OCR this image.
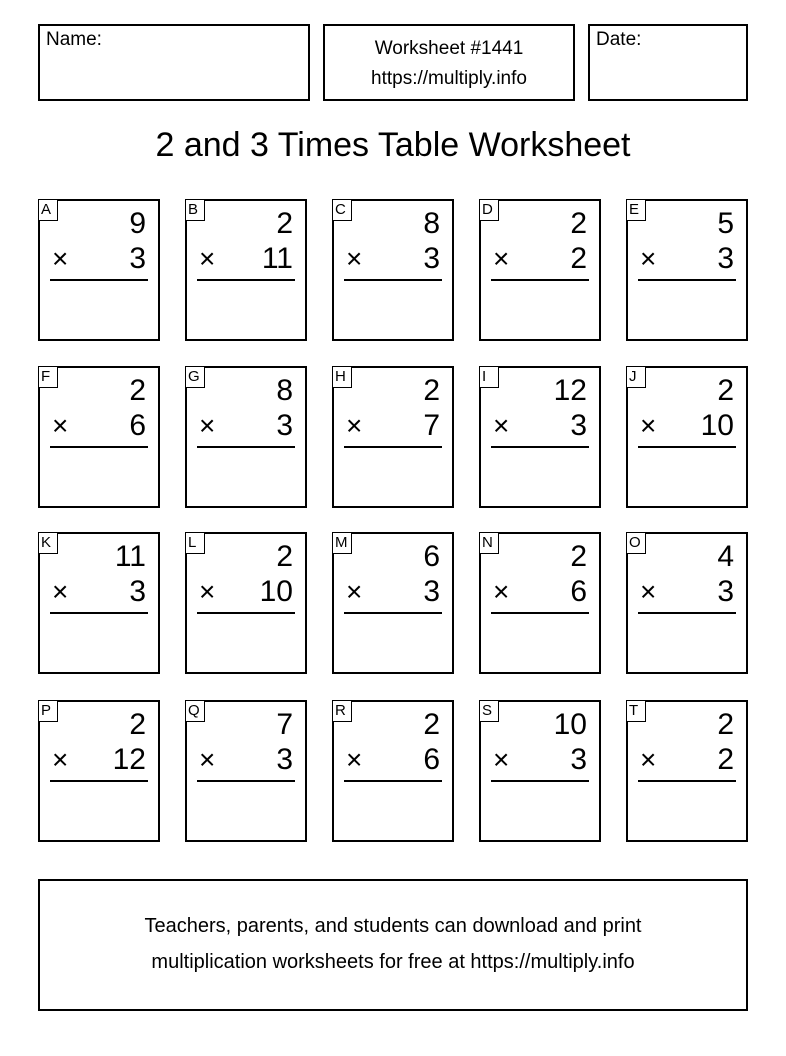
Name:	Worksheet #1441
https://multiply.info
Date:
2 and 3 Times Table Worksheet
A	9
× 3
B	2
× 11
C	8
× 3
D	2
× 2
E	5
× 3
F	2
× 6
G	8
× 3
H	2
× 7
I	12
× 3
J	2
× 10
K 11
× 3
L	2
× 10
M	6
× 3
N	2
× 6
O	4
× 3
P	2
× 12
Q	7
× 3
R	2
× 6
S 10
× 3
T	2
× 2
Teachers, parents, and students can download and print
multiplication worksheets for free at https://multiply.info
